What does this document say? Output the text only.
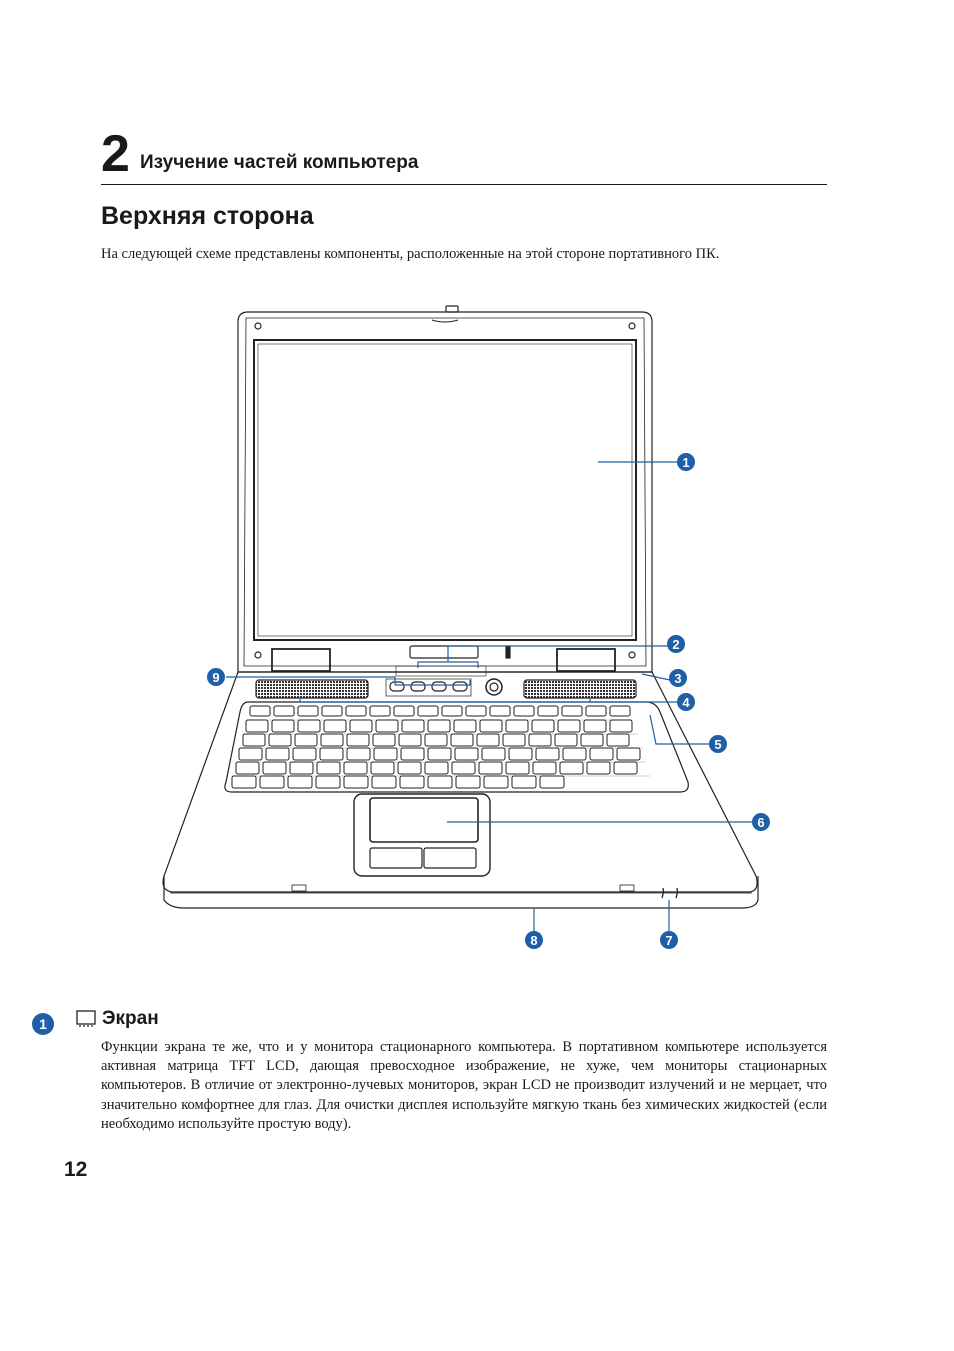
2 Изучение частей компьютера
Верхняя сторона
На следующей схеме представлены компоненты, расположенные на этой стороне портативного ПК.
1
2
3
4
5
6
7
8
9
1	Экран
Функции экрана те же, что и у монитора стационарного компьютера. В портативном компьютере используется активная матрица TFT LCD, дающая превосходное изображение, не хуже, чем мониторы стационарных компьютеров. В отличие от электронно-лучевых мониторов, экран LCD не производит излучений и не мерцает, что значительно комфортнее для глаз. Для очистки дисплея используйте мягкую ткань без химических жидкостей (если необходимо используйте простую воду).
12
